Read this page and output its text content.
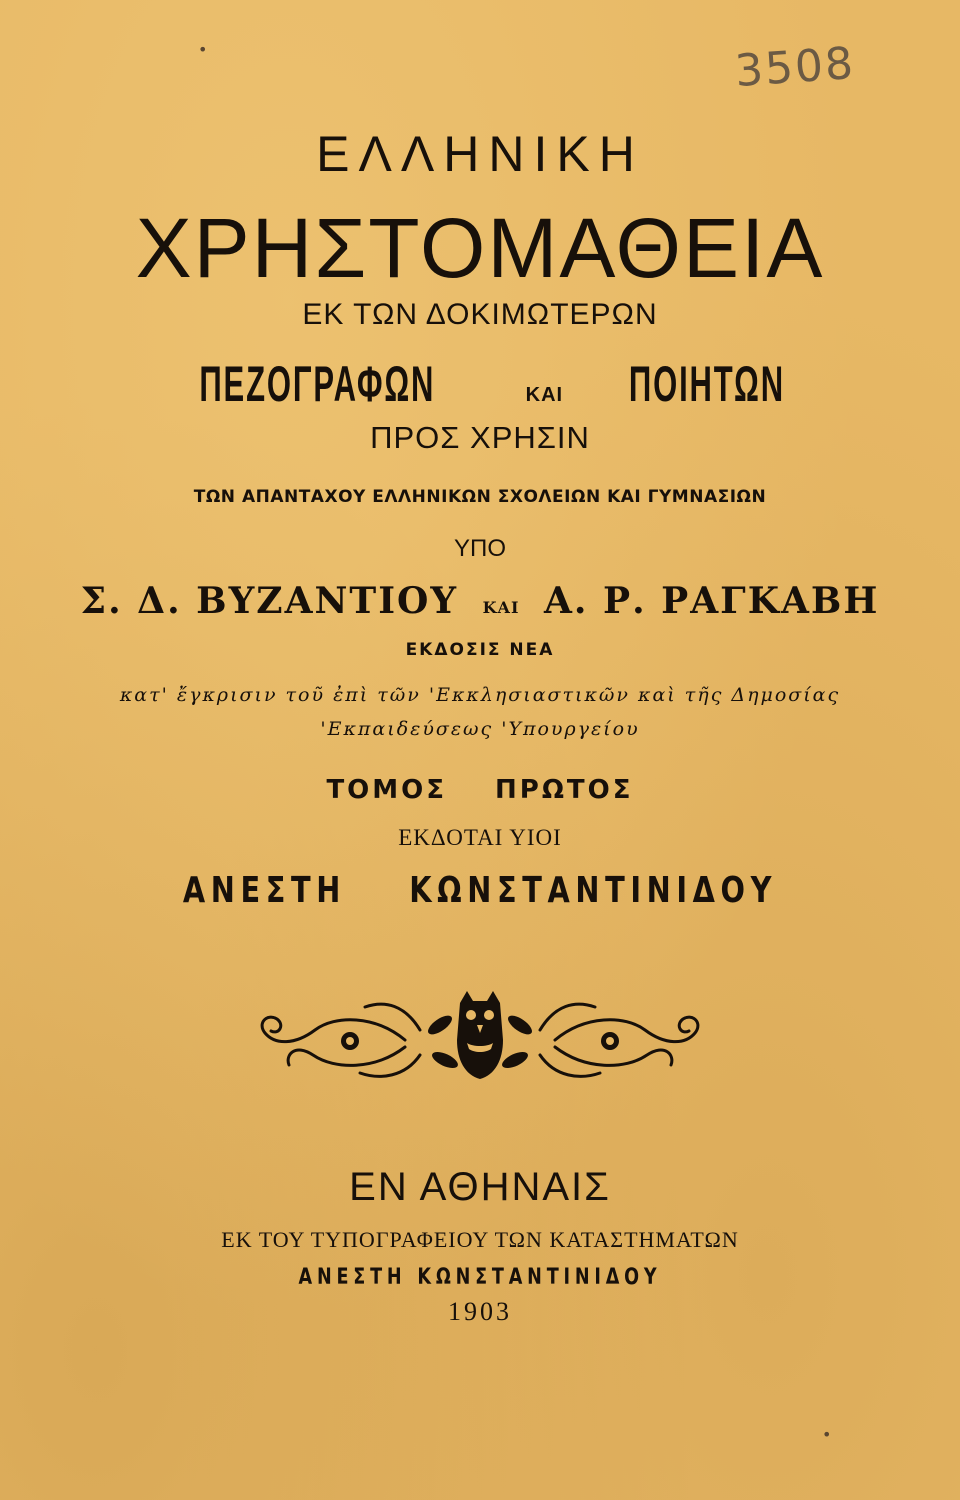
3508
•
•
ΕΛΛΗΝΙΚΗ
ΧΡΗΣΤΟΜΑΘΕΙΑ
ΕΚ ΤΩΝ ΔΟΚΙΜΩΤΕΡΩΝ
ΠΕΖΟΓΡΑΦΩΝ	ΚΑΙ ΠΟΙΗΤΩΝ
ΠΡΟΣ ΧΡΗΣΙΝ
ΤΩΝ ΑΠΑΝΤΑΧΟΥ ΕΛΛΗΝΙΚΩΝ ΣΧΟΛΕΙΩΝ ΚΑΙ ΓΥΜΝΑΣΙΩΝ
ΥΠΟ
Σ. Δ. ΒΥΖΑΝΤΙΟΥ ΚΑΙ Α. Ρ. ΡΑΓΚΑΒΗ
ΕΚΔΟΣΙΣ ΝΕΑ
κατ' ἔγκρισιν τοῦ ἐπὶ τῶν 'Εκκλησιαστικῶν καὶ τῆς Δημοσίας
'Εκπαιδεύσεως 'Υπουργείου
ΤΟΜΟΣ ΠΡΩΤΟΣ
ΕΚΔΟΤΑΙ ΥΙΟΙ
ΑΝΕΣΤΗ ΚΩΝΣΤΑΝΤΙΝΙΔΟΥ
ΕΝ ΑΘΗΝΑΙΣ
ΕΚ ΤΟΥ ΤΥΠΟΓΡΑΦΕΙΟΥ ΤΩΝ ΚΑΤΑΣΤΗΜΑΤΩΝ
ΑΝΕΣΤΗ ΚΩΝΣΤΑΝΤΙΝΙΔΟΥ
1903
